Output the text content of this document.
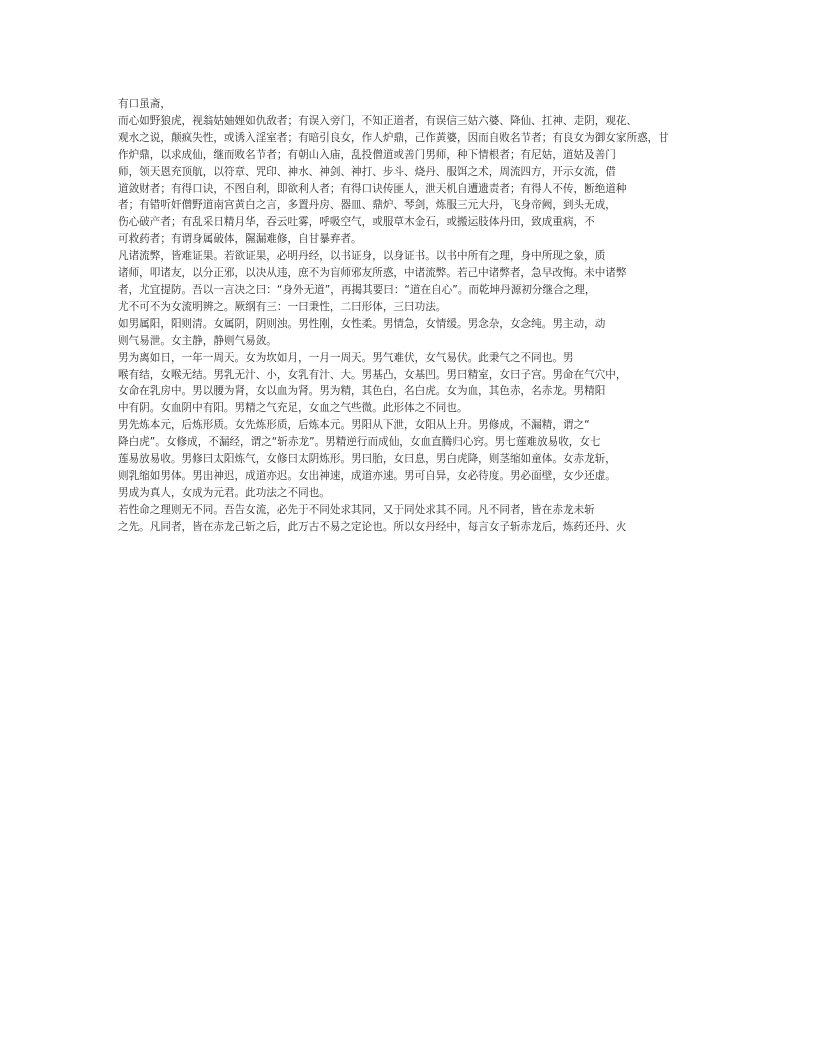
有口虽斋，
而心如野狼虎，视翁姑妯娌如仇敌者；有误入旁门，不知正道者，有误信三姑六婆、降仙、扛神、走阴，观花、
观水之说，颠疯失性，或诱入淫室者；有暗引良女，作人炉鼎，己作黄婆，因而自败名节者；有良女为御女家所惑，甘
作炉鼎，以求成仙，继而败名节者；有朝山入庙，乱投僧道或善门男师，种下情根者；有尼姑，道姑及善门
师，领天恩充顶航，以符章、咒印、神水、神剑、神打、步斗、烧丹、服饵之术，周流四方，开示女流，借
道敛财者；有得口诀，不图自利，即欲利人者；有得口诀传匪人，泄天机自遭遗责者；有得人不传，断绝道种
者；有错听奸僧野道南宫黄白之言，多置丹房、器皿、鼎炉、琴剑，炼服三元大丹，飞身帝阙，到头无成，
伤心破产者；有乱采日精月华，吞云吐雾，呼吸空气，或服草木金石，或搬运肢体丹田，致成重病，不
可救药者；有谓身属破体，隰漏难修，自甘暴弃者。
凡诸流弊，皆难证果。若欲证果，必明丹经，以书证身，以身证书。以书中所有之理，身中所现之象，质
诸师，叩诸友，以分正邪，以决从违，庶不为盲师邪友所惑，中诸流弊。若己中诸弊者，急早改悔。未中诸弊
者，尤宜提防。吾以一言决之曰：“身外无道”，再揭其要曰：“道在自心”。而乾坤丹源初分继合之理，
尤不可不为女流明辨之。厥纲有三：一曰秉性，二曰形体，三曰功法。
如男属阳，阳则清。女属阴，阴则浊。男性刚，女性柔。男情急，女情缓。男念杂，女念纯。男主动，动
则气易泄。女主静，静则气易敛。
男为离如日，一年一周天。女为坎如月，一月一周天。男气难伏，女气易伏。此秉气之不同也。男
喉有结，女喉无结。男乳无汁、小，女乳有汁、大。男基凸，女基凹。男曰精室，女曰子宫。男命在气穴中，
女命在乳房中。男以腰为肾，女以血为肾。男为精，其色白，名白虎。女为血，其色赤，名赤龙。男精阳
中有阴。女血阴中有阳。男精之气充足，女血之气些微。此形体之不同也。
男先炼本元，后炼形质。女先炼形质，后炼本元。男阳从下泄，女阳从上升。男修成，不漏精，谓之“
降白虎”。女修成，不漏经，谓之“斩赤龙”。男精逆行而成仙，女血直腾归心窍。男七莲难放易收，女七
莲易放易收。男修曰太阳炼气，女修曰太阴炼形。男曰胎，女曰息，男白虎降，则茎缩如童体。女赤龙斩，
则乳缩如男体。男出神迟，成道亦迟。女出神速，成道亦速。男可自异，女必待度。男必面壁，女少还虚。
男成为真人，女成为元君。此功法之不同也。
若性命之理则无不同。吾告女流，必先于不同处求其同，又于同处求其不同。凡不同者，皆在赤龙未斩
之先。凡同者，皆在赤龙己斩之后，此万古不易之定论也。所以女丹经中，每言女子斩赤龙后，炼药还丹、火
